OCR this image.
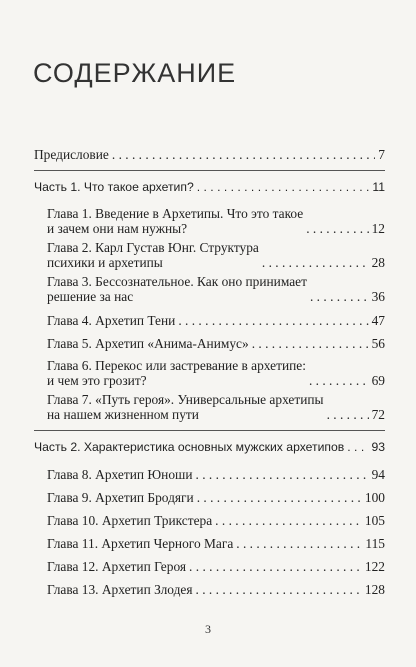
СОДЕРЖАНИЕ
Предисловие . . .	7
Часть 1. Что такое архетип? . . .	11
Глава 1. Введение в Архетипы. Что это такое
и зачем они нам нужны? . . .	12
Глава 2. Карл Густав Юнг. Структура
психики и архетипы . . .	28
Глава 3. Бессознательное. Как оно принимает
решение за нас . . .	36
Глава 4. Архетип Тени . . .	47
Глава 5. Архетип «Анима-Анимус» . . .	56
Глава 6. Перекос или застревание в архетипе:
и чем это грозит? . . .	69
Глава 7. «Путь героя». Универсальные архетипы
на нашем жизненном пути . . .	72
Часть 2. Характеристика основных мужских архетипов . . . 93
Глава 8. Архетип Юноши . . .	94
Глава 9. Архетип Бродяги . . .	100
Глава 10. Архетип Трикстера . . .	105
Глава 11. Архетип Черного Мага . . .	115
Глава 12. Архетип Героя . . .	122
Глава 13. Архетип Злодея . . .	128
3
